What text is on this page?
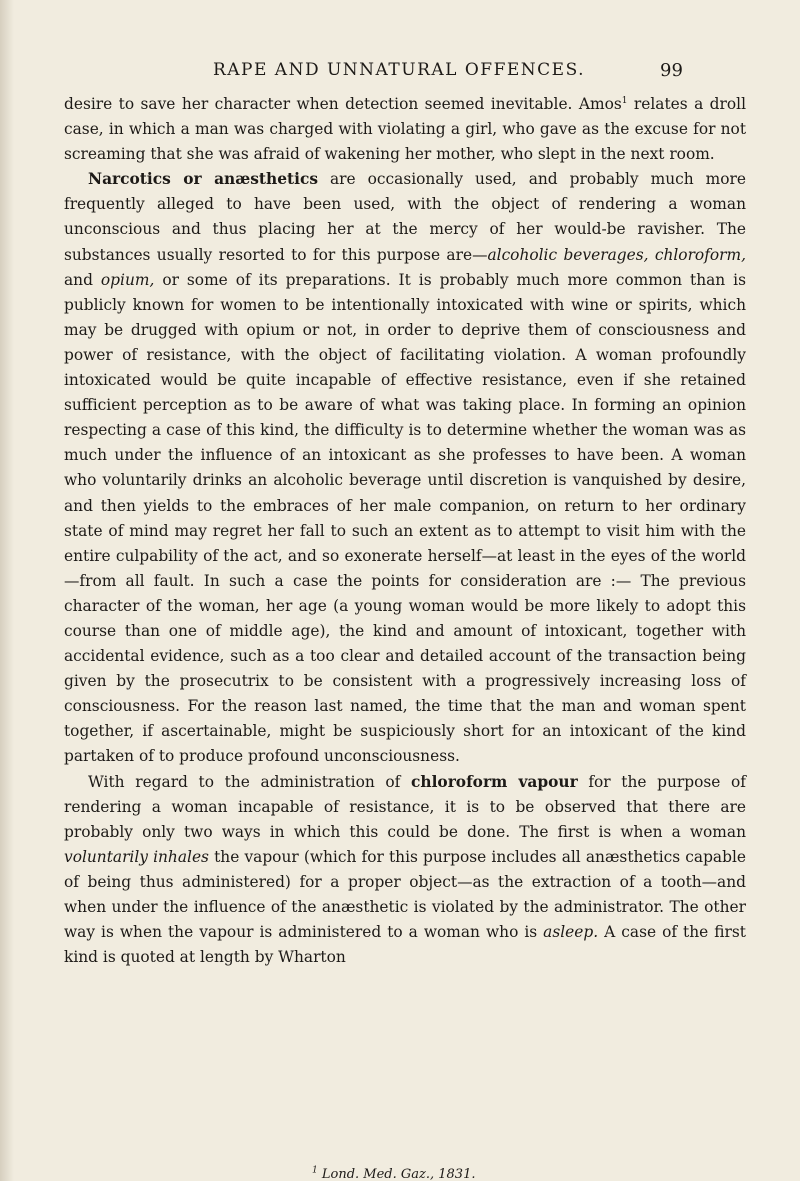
RAPE AND UNNATURAL OFFENCES.	99

desire to save her character when detection seemed inevitable. Amos$^1$ relates a droll case, in which a man was charged with violating a girl, who gave as the excuse for not screaming that she was afraid of wakening her mother, who slept in the next room.

Narcotics or anæsthetics are occasionally used, and probably much more frequently alleged to have been used, with the object of rendering a woman unconscious and thus placing her at the mercy of her would-be ravisher. The substances usually resorted to for this purpose are—alcoholic beverages, chloroform, and opium, or some of its preparations. It is probably much more common than is publicly known for women to be intentionally intoxicated with wine or spirits, which may be drugged with opium or not, in order to deprive them of consciousness and power of resistance, with the object of facilitating violation. A woman profoundly intoxicated would be quite incapable of effective resistance, even if she retained sufficient perception as to be aware of what was taking place. In forming an opinion respecting a case of this kind, the difficulty is to determine whether the woman was as much under the influence of an intoxicant as she professes to have been. A woman who voluntarily drinks an alcoholic beverage until discretion is vanquished by desire, and then yields to the embraces of her male companion, on return to her ordinary state of mind may regret her fall to such an extent as to attempt to visit him with the entire culpability of the act, and so exonerate herself—at least in the eyes of the world —from all fault. In such a case the points for consideration are :— The previous character of the woman, her age (a young woman would be more likely to adopt this course than one of middle age), the kind and amount of intoxicant, together with accidental evidence, such as a too clear and detailed account of the transaction being given by the prosecutrix to be consistent with a progressively increasing loss of consciousness. For the reason last named, the time that the man and woman spent together, if ascertainable, might be suspiciously short for an intoxicant of the kind partaken of to produce profound unconsciousness.

With regard to the administration of chloroform vapour for the purpose of rendering a woman incapable of resistance, it is to be observed that there are probably only two ways in which this could be done. The first is when a woman voluntarily inhales the vapour (which for this purpose includes all anæsthetics capable of being thus administered) for a proper object—as the extraction of a tooth—and when under the influence of the anæsthetic is violated by the administrator. The other way is when the vapour is administered to a woman who is asleep. A case of the first kind is quoted at length by Wharton

$^1$ Lond. Med. Gaz., 1831.
